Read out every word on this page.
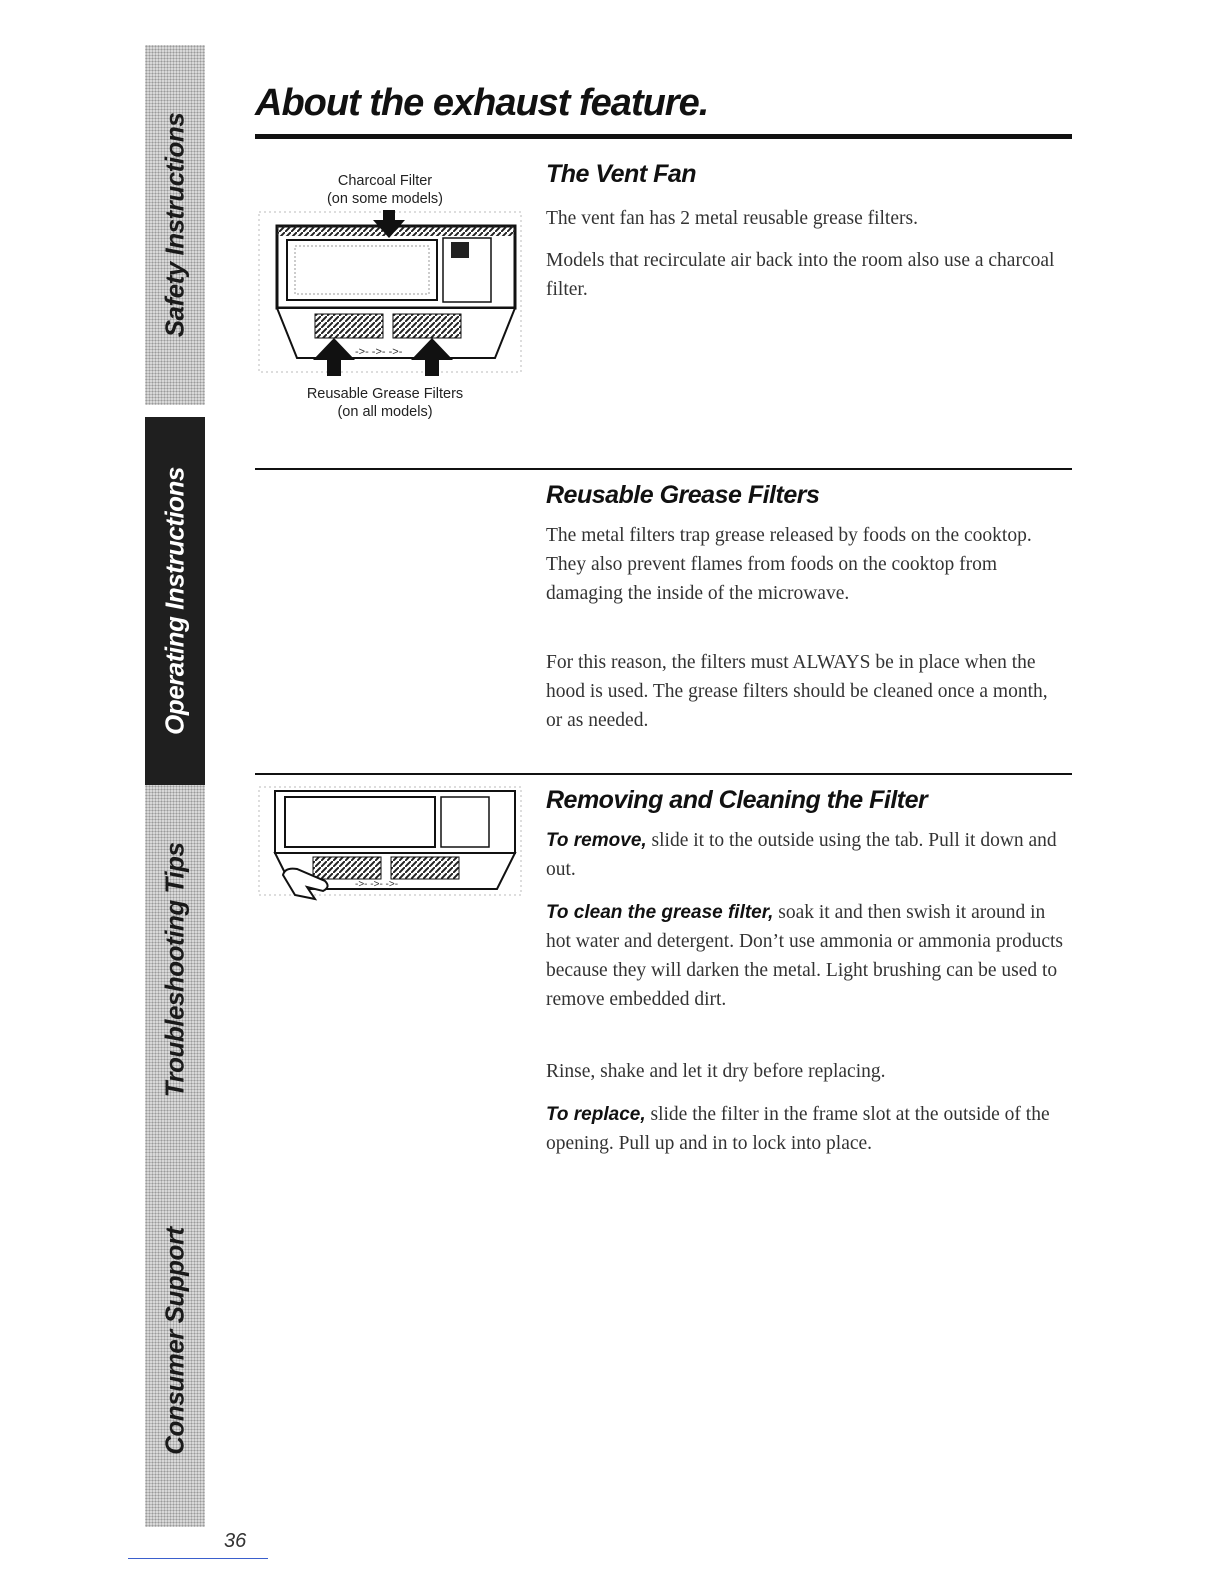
Safety Instructions
Operating Instructions
Troubleshooting Tips
Consumer Support
About the exhaust feature.
Charcoal Filter
(on some models)
Reusable Grease Filters
(on all models)
->- ->- ->-
The Vent Fan

The vent fan has 2 metal reusable grease filters.

Models that recirculate air back into the room also use a charcoal filter.

Reusable Grease Filters

The metal filters trap grease released by foods on the cooktop. They also prevent flames from foods on the cooktop from damaging the inside of the microwave.

For this reason, the filters must ALWAYS be in place when the hood is used. The grease filters should be cleaned once a month, or as needed.

->- ->- ->-
Removing and Cleaning the Filter

To remove, slide it to the outside using the tab. Pull it down and out.

To clean the grease filter, soak it and then swish it around in hot water and detergent. Don’t use ammonia or ammonia products because they will darken the metal. Light brushing can be used to remove embedded dirt.

Rinse, shake and let it dry before replacing.

To replace, slide the filter in the frame slot at the outside of the opening. Pull up and in to lock into place.

36
